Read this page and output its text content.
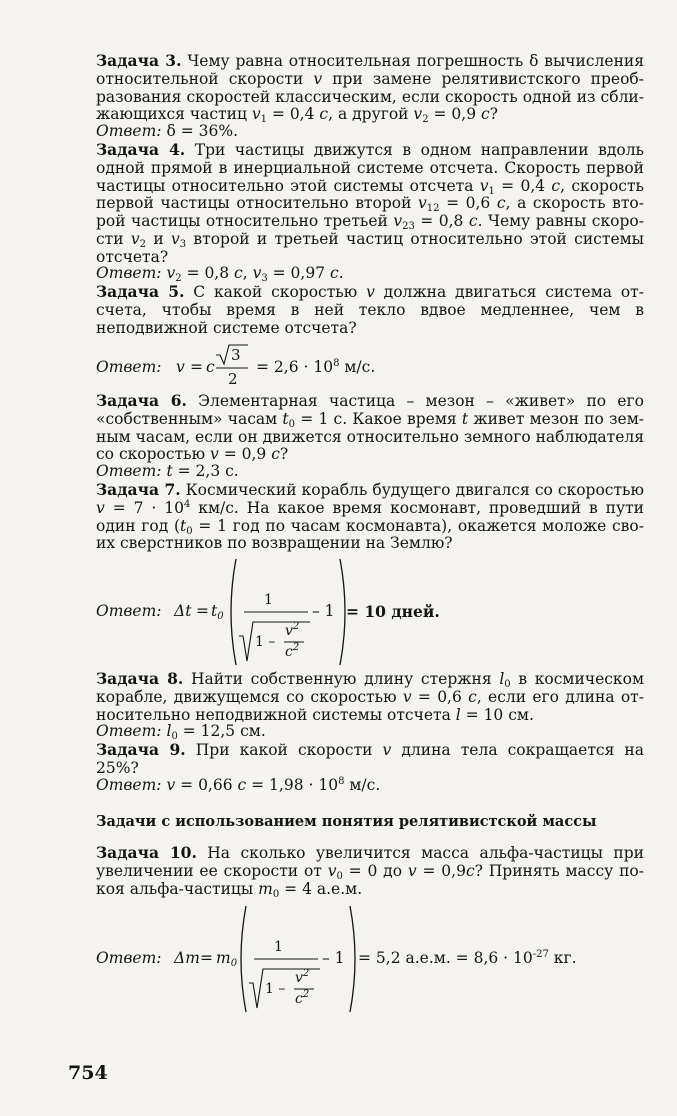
Задача 3. Чему равна относительная погрешность δ вычисления относительной скорости v при замене релятивистского преобразования скоростей классическим, если скорость одной из сближающихся частиц $v_1 = 0,4$ c, а другой $v_2 = 0,9$ c?

Ответ: δ = 36%.

Задача 4. Три частицы движутся в одном направлении вдоль одной прямой в инерциальной системе отсчета. Скорость первой частицы относительно этой системы отсчета $v_1 = 0,4$ c, скорость первой частицы относительно второй $v_{12} = 0,6$ c, а скорость второй частицы относительно третьей $v_{23} = 0,8$ c. Чему равны скорости $v_2$ и $v_3$ второй и третьей частиц относительно этой системы отсчета?

Ответ: $v_2 = 0,8$ c, $v_3 = 0,97$ c.

Задача 5. С какой скоростью v должна двигаться система отсчета, чтобы время в ней текло вдвое медленнее, чем в неподвижной системе отсчета?

Ответ: v = c
3
2
= $2,6 \cdot 10^8$ м/с.

Задача 6. Элементарная частица – мезон – «живет» по его «собственным» часам $t_0 = 1$ с. Какое время t живет мезон по земным часам, если он движется относительно земного наблюдателя со скоростью v = 0,9 c?

Ответ: t = 2,3 с.

Задача 7. Космический корабль будущего двигался со скоростью $v = 7 \cdot 10^4$ км/с. На какое время космонавт, проведший в пути один год ($t_0 = 1$ год по часам космонавта), окажется моложе своих сверстников по возвращении на Землю?

Ответ: $\Delta t = t_0$
1
1 –
$v^2$
$c^2$
– 1 = 10 дней.

Задача 8. Найти собственную длину стержня $l_0$ в космическом корабле, движущемся со скоростью v = 0,6 c, если его длина относительно неподвижной системы отсчета l = 10 см.

Ответ: $l_0 = 12,5$ см.

Задача 9. При какой скорости v длина тела сокращается на 25%?

Ответ: v = 0,66 $c = 1,98 \cdot 10^8$ м/с.

Задачи с использованием понятия релятивистской массы

Задача 10. На сколько увеличится масса альфа-частицы при увеличении ее скорости от $v_0 = 0$ до v = 0,9c? Принять массу покоя альфа-частицы $m_0 = 4$ а.е.м.

Ответ: $\Delta m = m_0$
1
1 –
$v^2$
$c^2$
– 1 = 5,2 а.е.м. = $8,6 \cdot 10^{-27}$ кг.

754
